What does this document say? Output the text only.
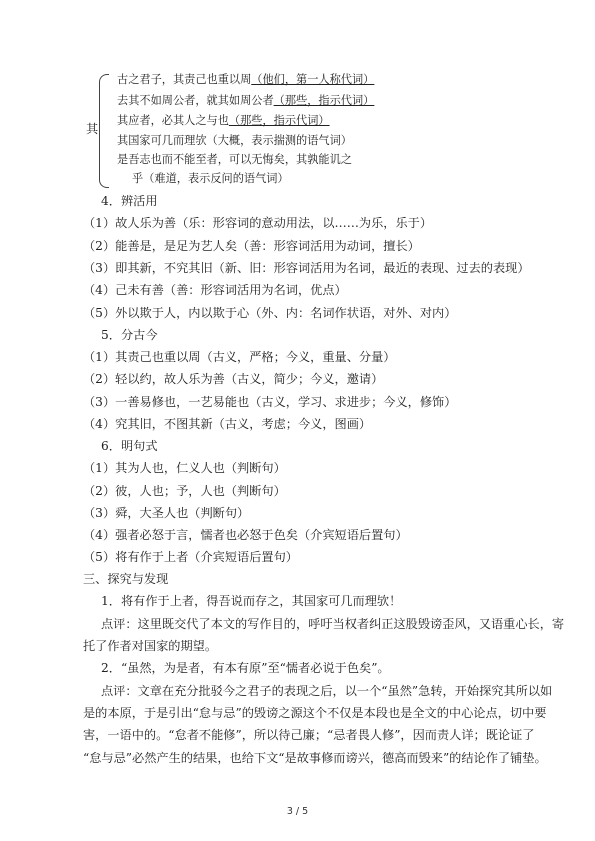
其
古之君子，其责己也重以周（他们，第一人称代词）
去其不如周公者，就其如周公者（那些，指示代词）
其应者，必其人之与也（那些，指示代词）
其国家可几而理欤（大概，表示揣测的语气词）
是吾志也而不能至者，可以无悔矣，其孰能讥之
乎（难道，表示反问的语气词）
4．辨活用
（1）故人乐为善（乐：形容词的意动用法，以……为乐，乐于）
（2）能善是，是足为艺人矣（善：形容词活用为动词，擅长）
（3）即其新，不究其旧（新、旧：形容词活用为名词，最近的表现、过去的表现）
（4）己未有善（善：形容词活用为名词，优点）
（5）外以欺于人，内以欺于心（外、内：名词作状语，对外、对内）
5．分古今
（1）其责己也重以周（古义，严格；今义，重量、分量）
（2）轻以约，故人乐为善（古义，简少；今义，邀请）
（3）一善易修也，一艺易能也（古义，学习、求进步；今义，修饰）
（4）究其旧，不图其新（古义，考虑；今义，图画）
6．明句式
（1）其为人也，仁义人也（判断句）
（2）彼，人也；予，人也（判断句）
（3）舜，大圣人也（判断句）
（4）强者必怒于言，懦者也必怒于色矣（介宾短语后置句）
（5）将有作于上者（介宾短语后置句）
三、探究与发现
1．将有作于上者，得吾说而存之，其国家可几而理欤！
点评：这里既交代了本文的写作目的，呼吁当权者纠正这股毁谤歪风，又语重心长，寄
托了作者对国家的期望。
2．“虽然，为是者，有本有原”至“懦者必说于色矣”。
点评：文章在充分批驳今之君子的表现之后，以一个“虽然”急转，开始探究其所以如
是的本原，于是引出“怠与忌”的毁谤之源这个不仅是本段也是全文的中心论点，切中要
害，一语中的。“怠者不能修”，所以待己廉；“忌者畏人修”，因而责人详；既论证了
“怠与忌”必然产生的结果，也给下文“是故事修而谤兴，德高而毁来”的结论作了铺垫。
3 / 5
